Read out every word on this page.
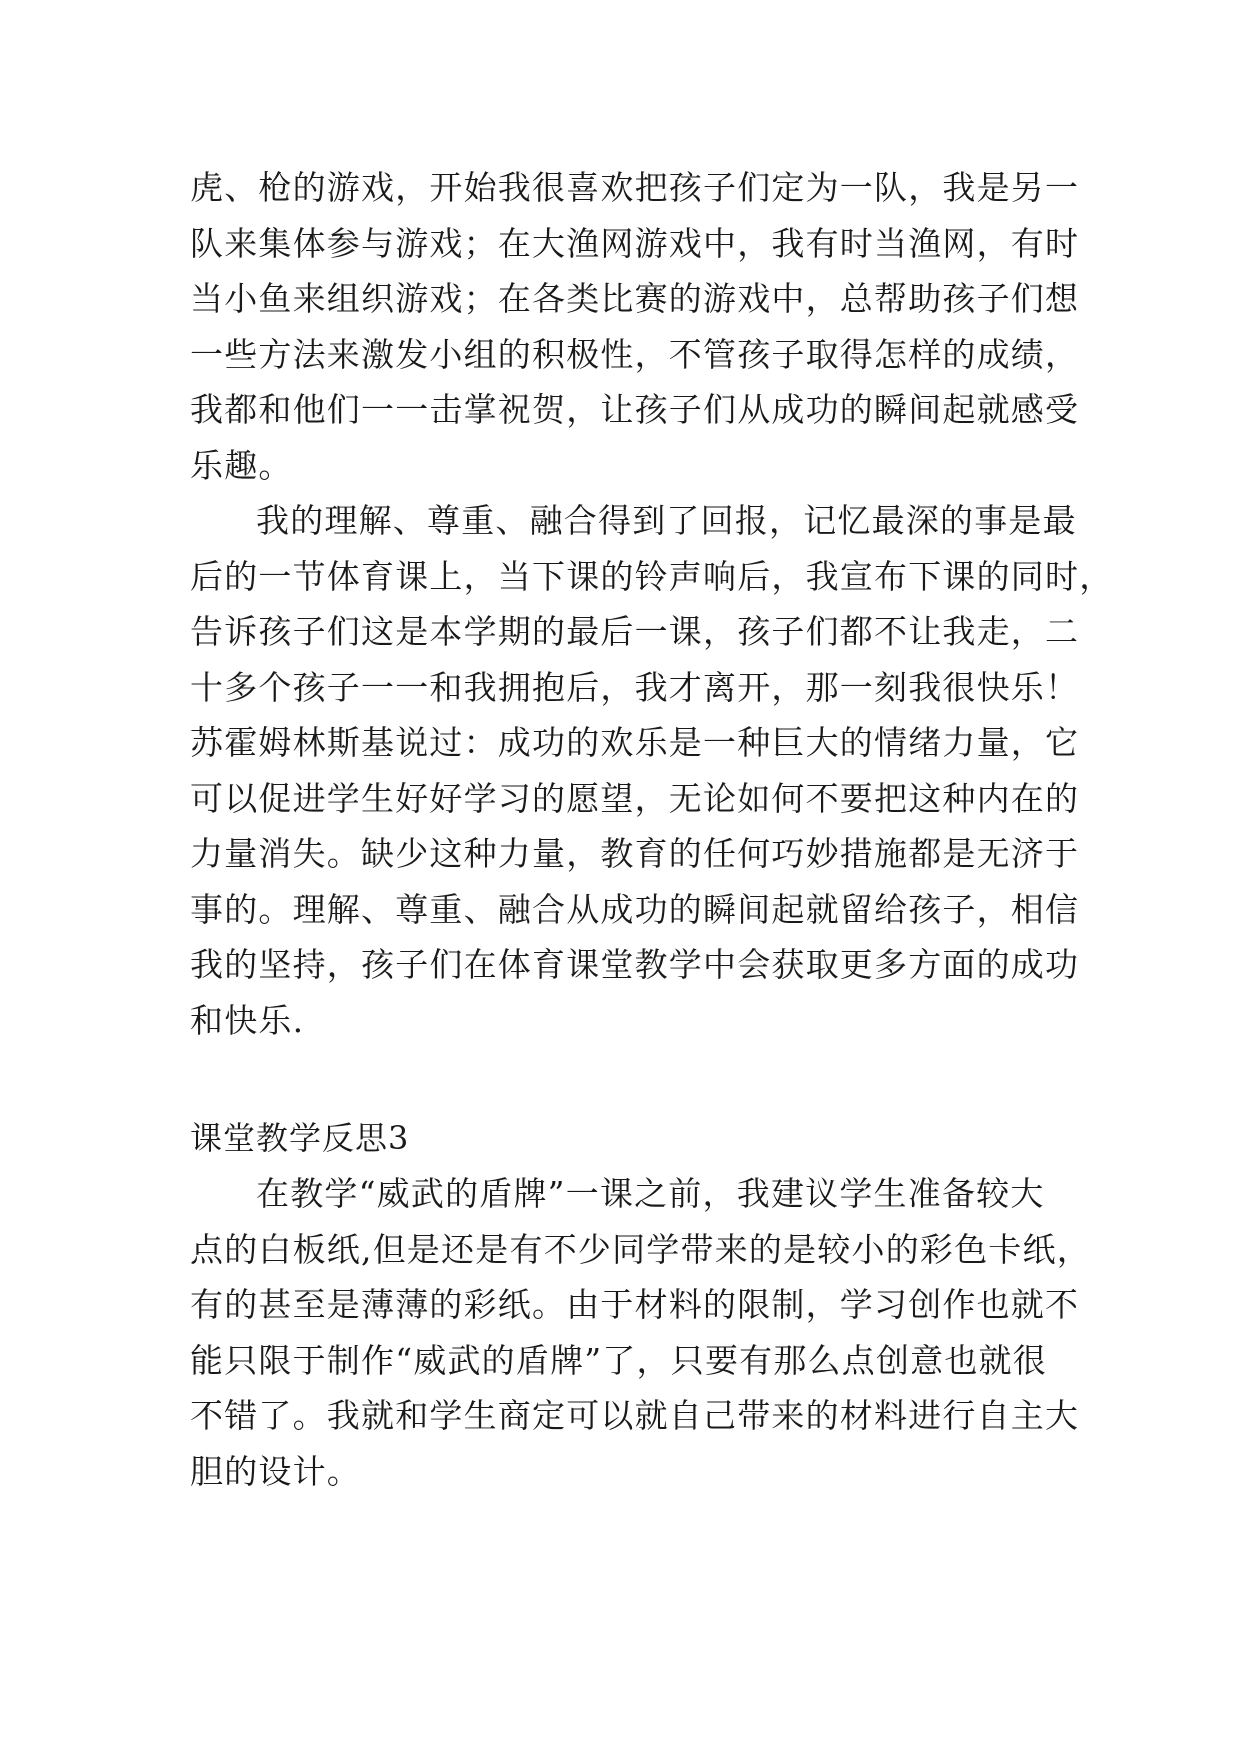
虎、枪的游戏，开始我很喜欢把孩子们定为一队，我是另一
队来集体参与游戏；在大渔网游戏中，我有时当渔网，有时
当小鱼来组织游戏；在各类比赛的游戏中，总帮助孩子们想
一些方法来激发小组的积极性，不管孩子取得怎样的成绩，
我都和他们一一击掌祝贺，让孩子们从成功的瞬间起就感受
乐趣。
我的理解、尊重、融合得到了回报，记忆最深的事是最
后的一节体育课上，当下课的铃声响后，我宣布下课的同时，
告诉孩子们这是本学期的最后一课，孩子们都不让我走，二
十多个孩子一一和我拥抱后，我才离开，那一刻我很快乐！
苏霍姆林斯基说过：成功的欢乐是一种巨大的情绪力量，它
可以促进学生好好学习的愿望，无论如何不要把这种内在的
力量消失。缺少这种力量，教育的任何巧妙措施都是无济于
事的。理解、尊重、融合从成功的瞬间起就留给孩子，相信
我的坚持，孩子们在体育课堂教学中会获取更多方面的成功
和快乐.
课堂教学反思3
在教学“威武的盾牌”一课之前，我建议学生准备较大
点的白板纸,但是还是有不少同学带来的是较小的彩色卡纸，
有的甚至是薄薄的彩纸。由于材料的限制，学习创作也就不
能只限于制作“威武的盾牌”了，只要有那么点创意也就很
不错了。我就和学生商定可以就自己带来的材料进行自主大
胆的设计。
